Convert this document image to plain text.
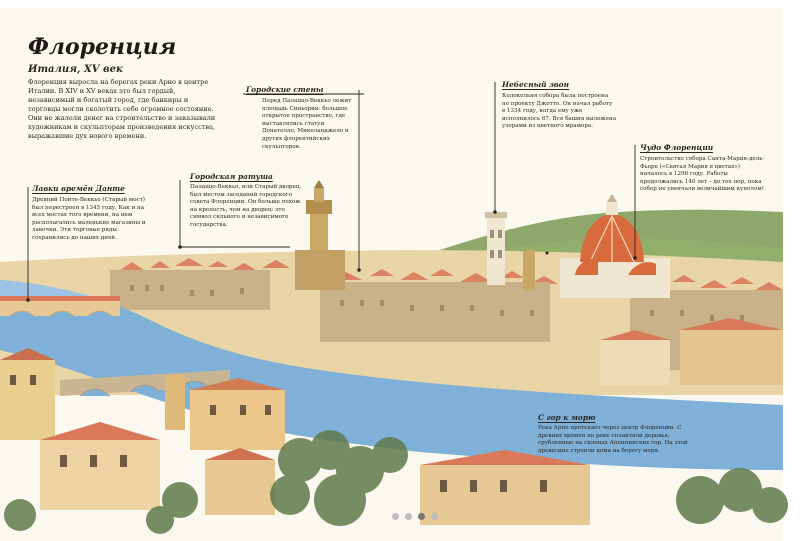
Флоренция
Италия, XV век
Флоренция выросла на берегах реки Арно в центре Италии. В XIV и XV веках это был гордый, независимый и богатый город, где банкиры и торговцы могли сколотить себе огромное состояние. Они не жалели денег на строительство и заказывали художникам и скульпторам произведения искусства, выражавшие дух нового времени.
Лавки времён Данте
Древний Понте-Веккьо (Старый мост) был перестроен в 1345 году. Как и на всех мостах того времени, на нем располагались маленькие магазины и лавочки. Эти торговые ряды сохранились до наших дней.
Городская ратуша
Палаццо-Веккьо, или Старый дворец, был местом заседаний городского совета Флоренции. Он больше похож на крепость, чем на дворец: это символ сильного и независимого государства.
Городские стены
Перед Палаццо-Веккьо лежит площадь Синьории: большое открытое пространство, где выставлялись статуи Донателло, Микеланджело и других флорентийских скульпторов.
Небесный звон
Колокольня собора была построена по проекту Джотто. Он начал работу в 1334 году, когда ему уже исполнилось 67. Вся башня выложена узорами из цветного мрамора.
Чудо Флоренции
Строительство собора Санта-Мария-дель-Фьоре («Святая Мария в цветах») началось в 1296 году. Работы продолжались 140 лет – до тех пор, пока собор не увенчали величайшим куполом!
С гор к морю
Река Арно протекает через центр Флоренции. С древних времен по реке сплавляли деревья, срубленные на склонах Апеннинских гор. На этой древесине строили дома на берегу моря.
